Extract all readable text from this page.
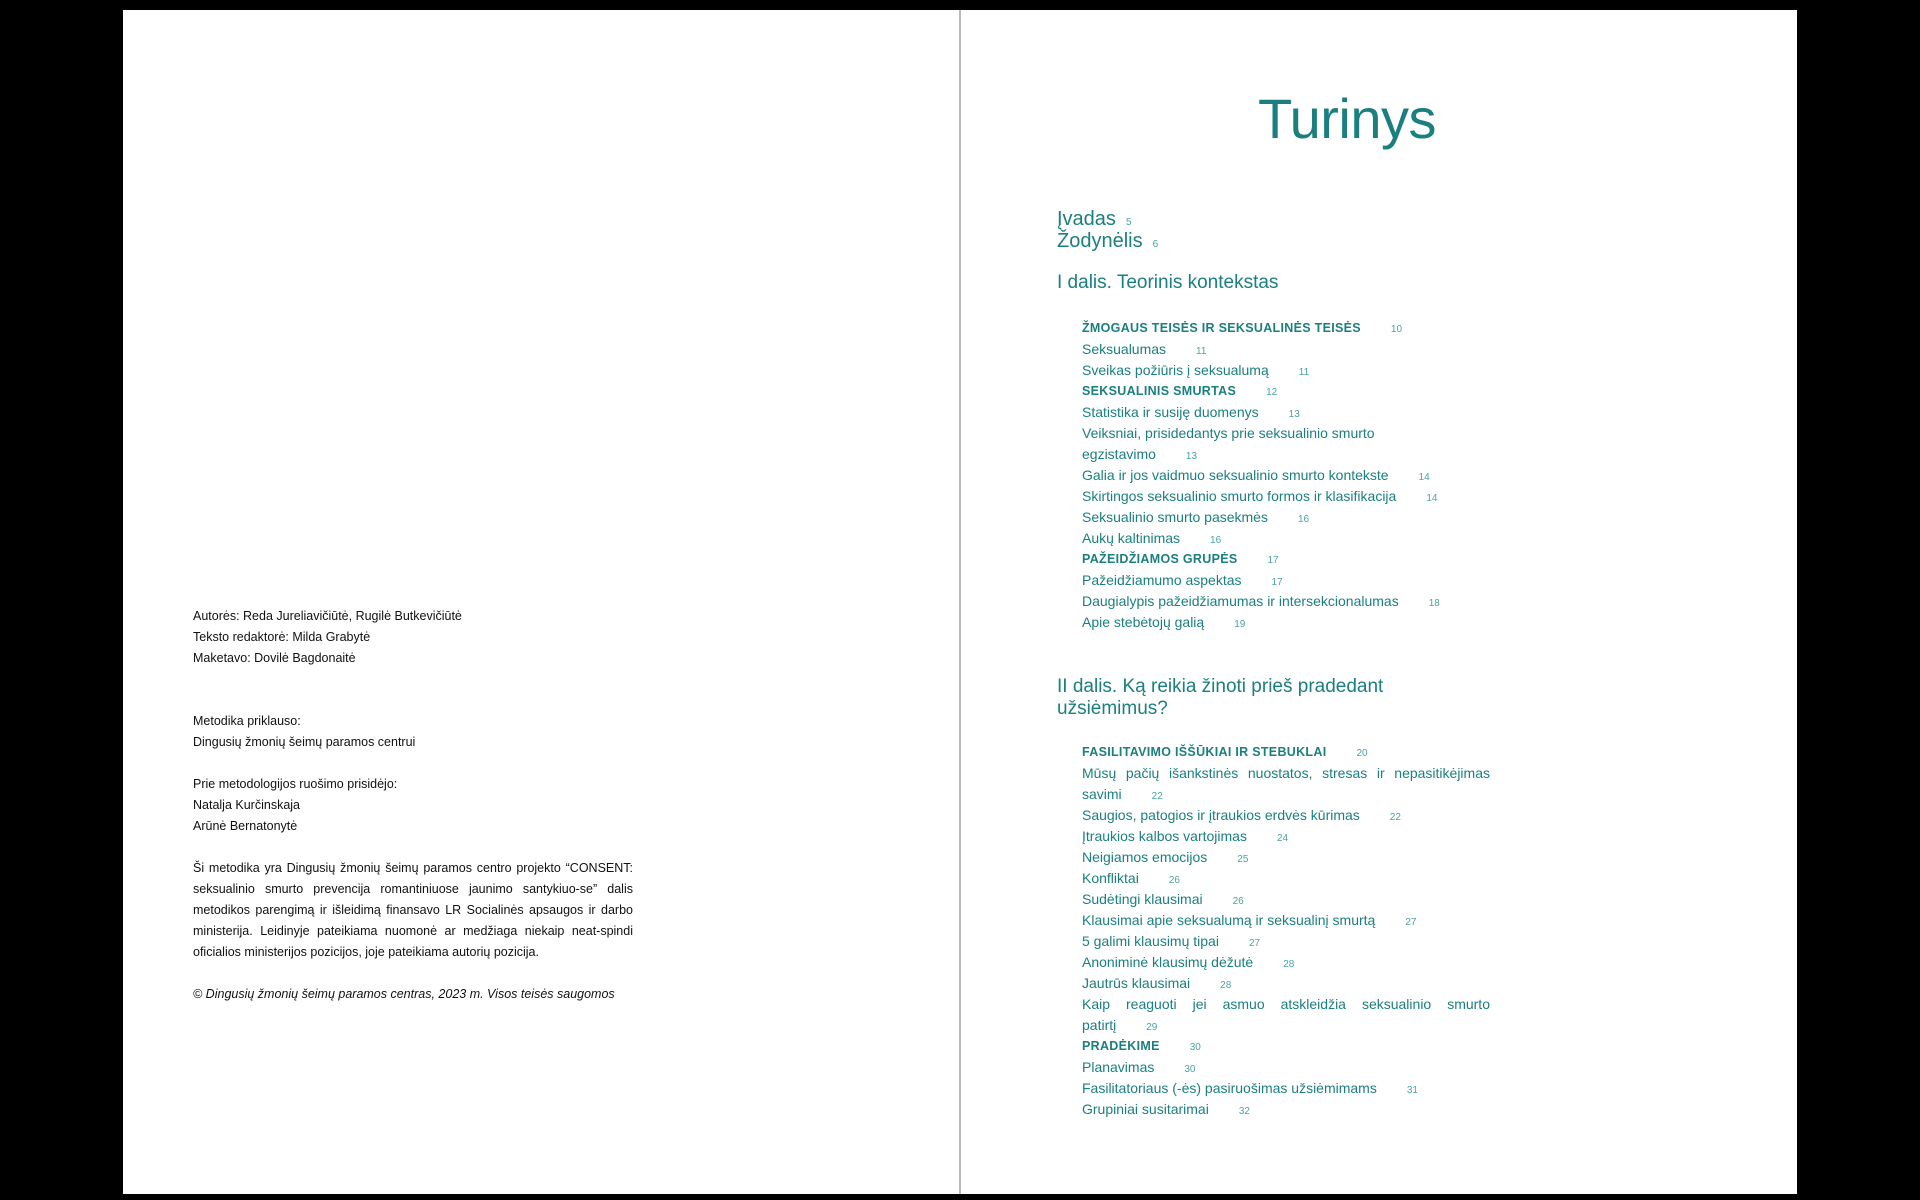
Autorės: Reda Jureliavičiūtė, Rugilė Butkevičiūtė

Teksto redaktorė: Milda Grabytė

Maketavo: Dovilė Bagdonaitė

Metodika priklauso:

Dingusių žmonių šeimų paramos centrui

Prie metodologijos ruošimo prisidėjo:

Natalja Kurčinskaja

Arūnė Bernatonytė

Ši metodika yra Dingusių žmonių šeimų paramos centro projekto “CONSENT: seksualinio smurto prevencija romantiniuose jaunimo santykiuo-se” dalis metodikos parengimą ir išleidimą finansavo LR Socialinės apsaugos ir darbo ministerija. Leidinyje pateikiama nuomonė ar medžiaga niekaip neat-spindi oficialios ministerijos pozicijos, joje pateikiama autorių pozicija.

© Dingusių žmonių šeimų paramos centras, 2023 m. Visos teisės saugomos

Turinys
Įvadas 5
Žodynėlis 6
I dalis. Teorinis kontekstas
ŽMOGAUS TEISĖS IR SEKSUALINĖS TEISĖS	10
Seksualumas	11
Sveikas požiūris į seksualumą	11
SEKSUALINIS SMURTAS	12
Statistika ir susiję duomenys	13
Veiksniai, prisidedantys prie seksualinio smurto egzistavimo	13
Galia ir jos vaidmuo seksualinio smurto kontekste	14
Skirtingos seksualinio smurto formos ir klasifikacija	14
Seksualinio smurto pasekmės	16
Aukų kaltinimas	16
PAŽEIDŽIAMOS GRUPĖS	17
Pažeidžiamumo aspektas	17
Daugialypis pažeidžiamumas ir intersekcionalumas	18
Apie stebėtojų galią	19
II dalis. Ką reikia žinoti prieš pradedant užsiėmimus?
FASILITAVIMO IŠŠŪKIAI IR STEBUKLAI	20
Mūsų pačių išankstinės nuostatos, stresas ir nepasitikėjimas savimi	22
Saugios, patogios ir įtraukios erdvės kūrimas	22
Įtraukios kalbos vartojimas	24
Neigiamos emocijos	25
Konfliktai	26
Sudėtingi klausimai	26
Klausimai apie seksualumą ir seksualinį smurtą	27
5 galimi klausimų tipai	27
Anoniminė klausimų dėžutė	28
Jautrūs klausimai	28
Kaip reaguoti jei asmuo atskleidžia seksualinio smurto patirtį	29
PRADĖKIME	30
Planavimas	30
Fasilitatoriaus (-ės) pasiruošimas užsiėmimams	31
Grupiniai susitarimai	32
